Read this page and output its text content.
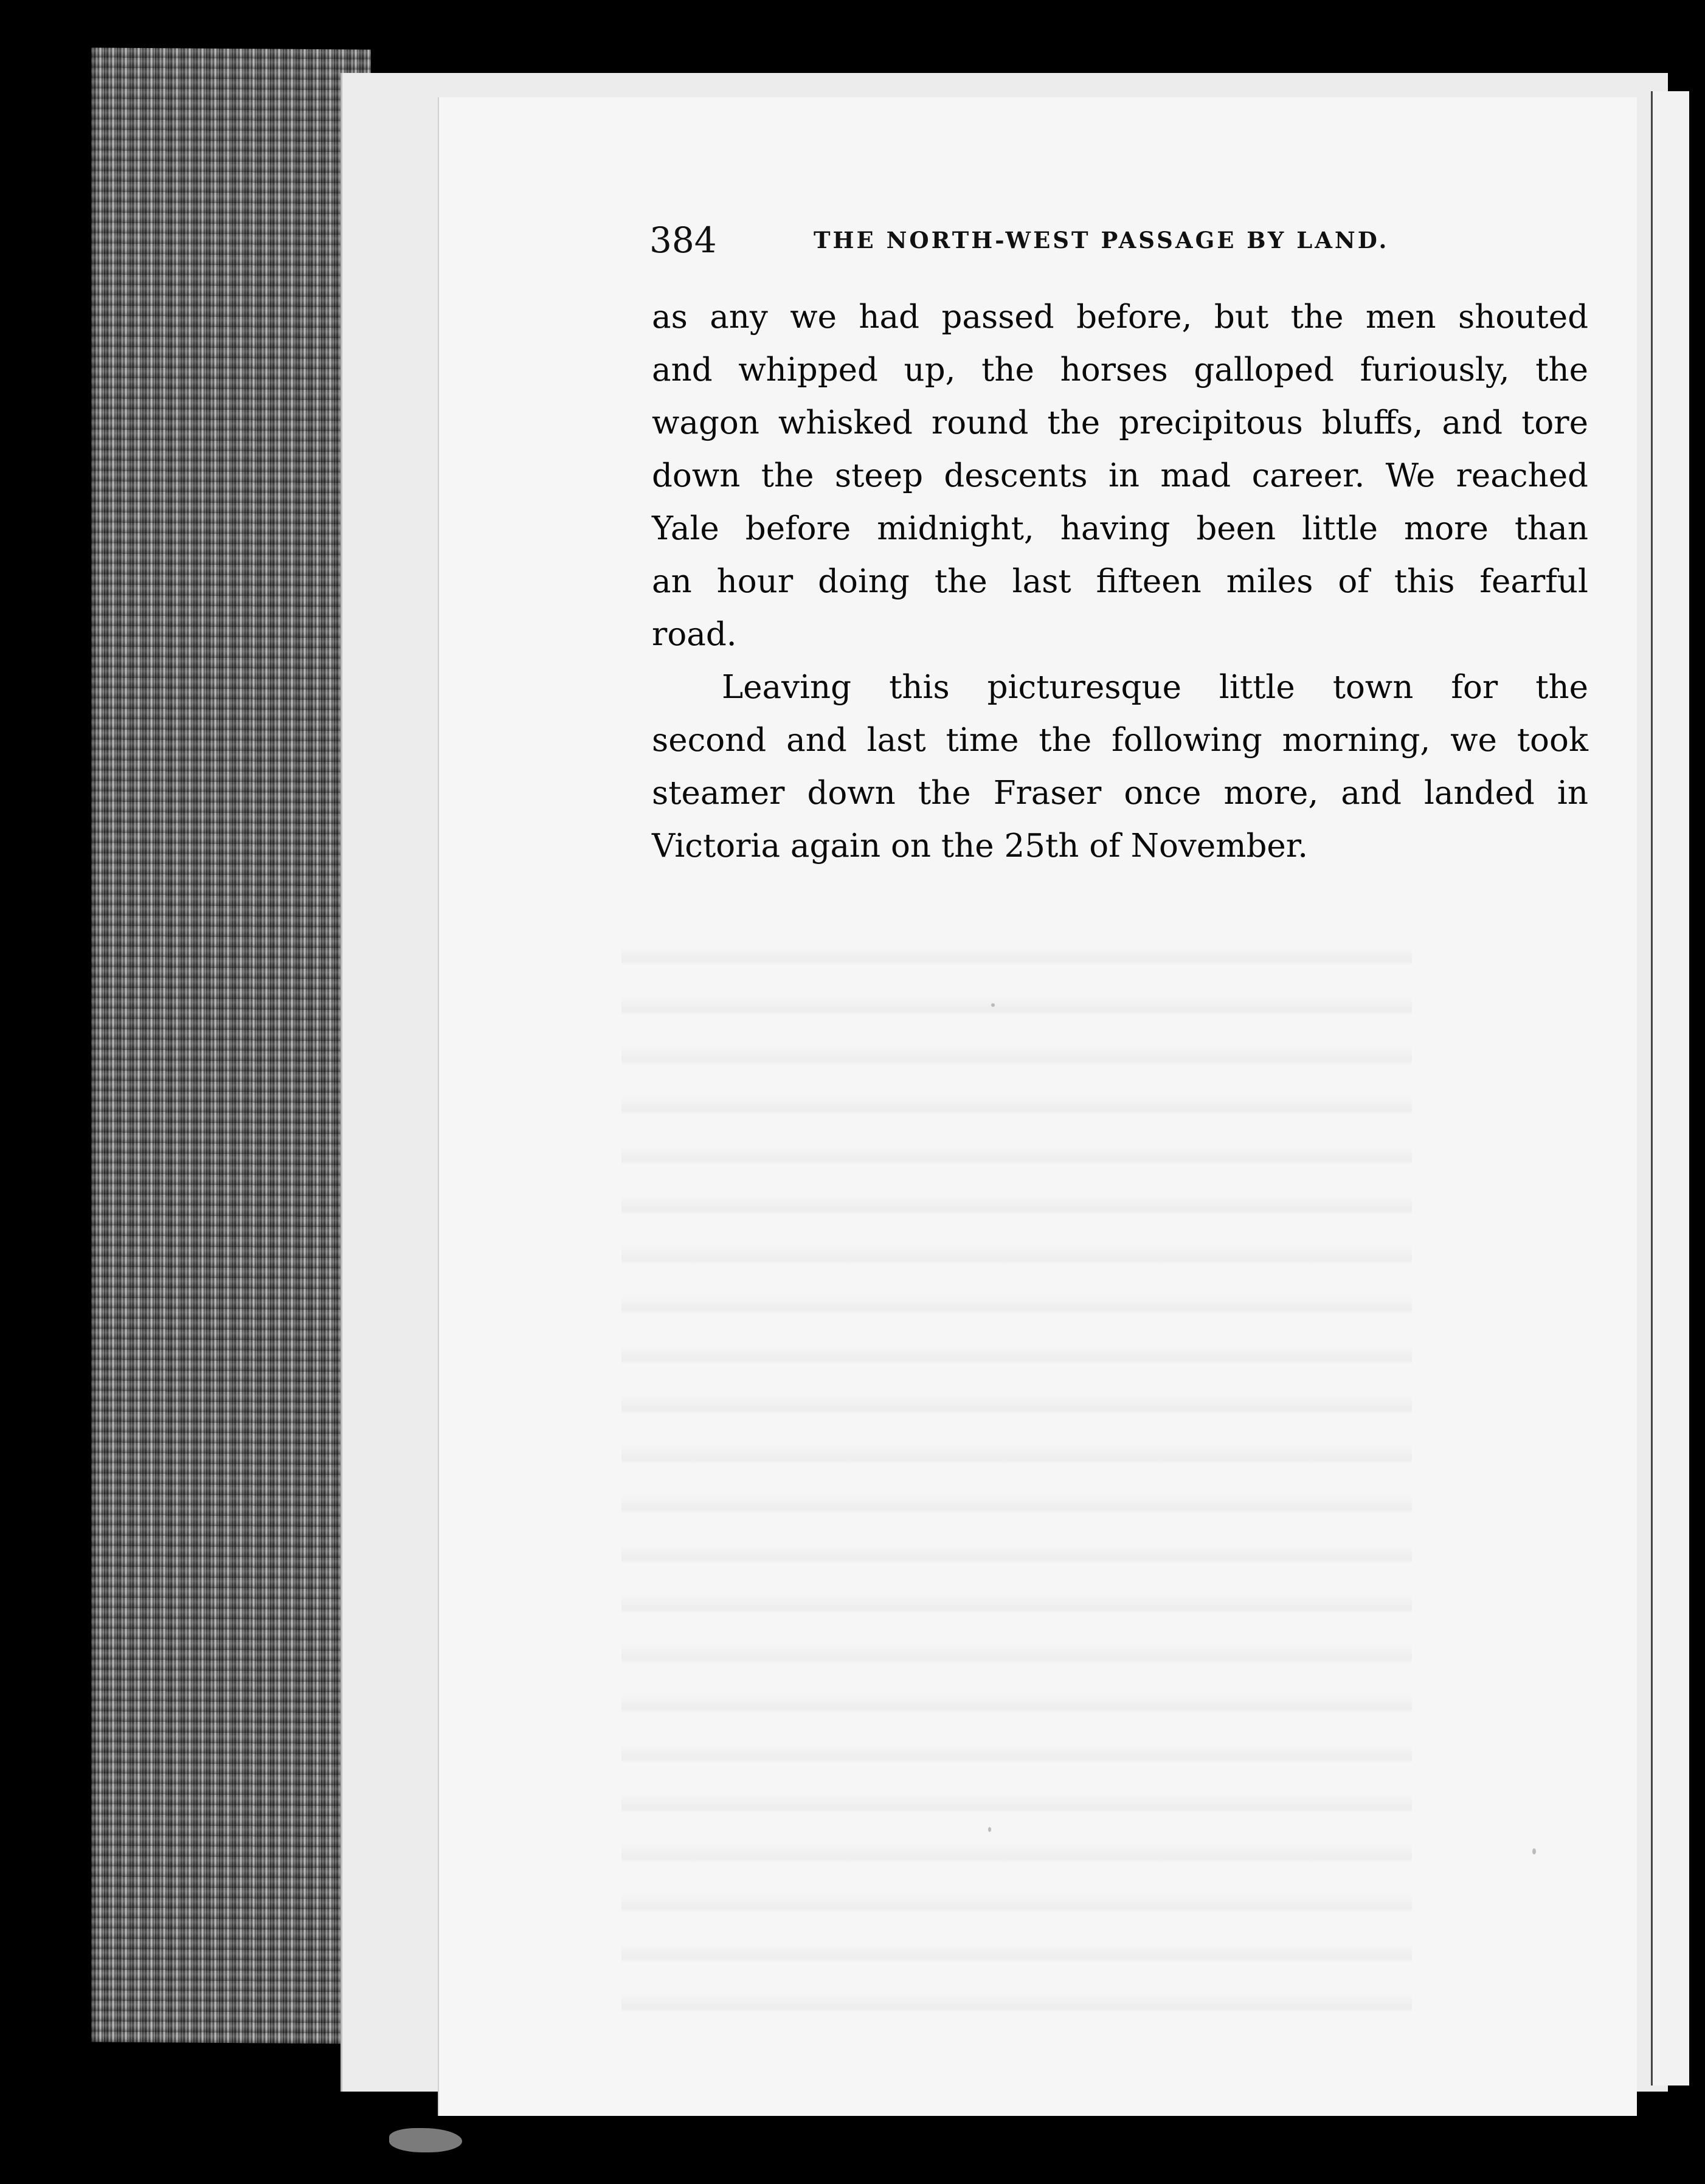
384	THE NORTH-WEST PASSAGE BY LAND.
as any we had passed before, but the men shouted
and whipped up, the horses galloped furiously, the
wagon whisked round the precipitous bluffs, and tore
down the steep descents in mad career. We reached
Yale before midnight, having been little more than
an hour doing the last fifteen miles of this fearful
road.
Leaving this picturesque little town for the
second and last time the following morning, we took
steamer down the Fraser once more, and landed in
Victoria again on the 25th of November.
